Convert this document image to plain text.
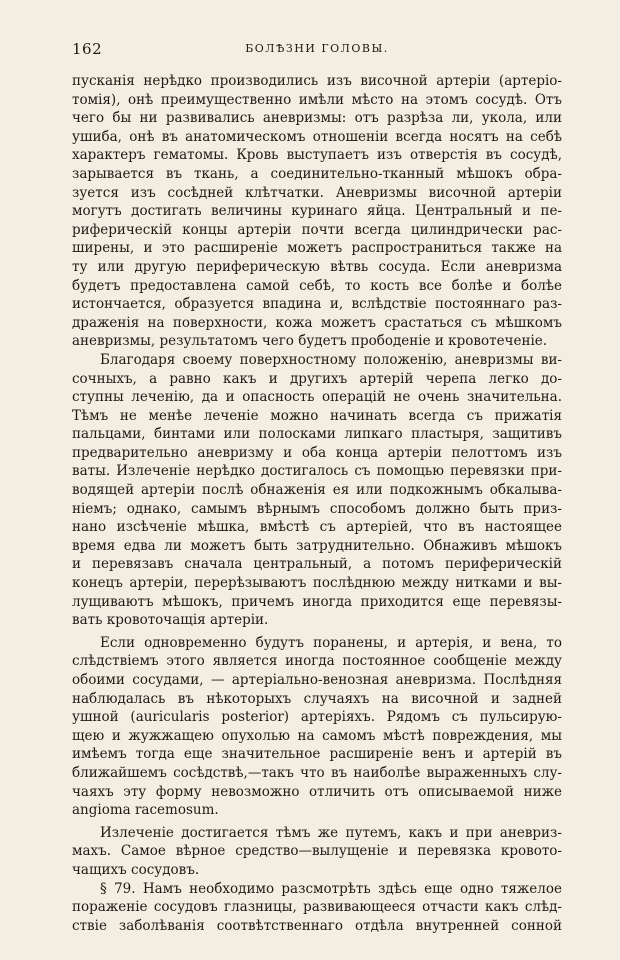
162	БОЛѢЗНИ ГОЛОВЫ.
пусканія нерѣдко производились изъ височной артеріи (артеріо-
томія), онѣ преимущественно имѣли мѣсто на этомъ сосудѣ. Отъ
чего бы ни развивались аневризмы: отъ разрѣза ли, укола, или
ушиба, онѣ въ анатомическомъ отношеніи всегда носятъ на себѣ
характеръ гематомы. Кровь выступаетъ изъ отверстія въ сосудѣ,
зарывается въ ткань, а соединительно-тканный мѣшокъ обра-
зуется изъ сосѣдней клѣтчатки. Аневризмы височной артеріи
могутъ достигать величины куринаго яйца. Центральный и пе-
риферическій концы артеріи почти всегда цилиндрически рас-
ширены, и это расширеніе можетъ распространиться также на
ту или другую периферическую вѣтвь сосуда. Если аневризма
будетъ предоставлена самой себѣ, то кость все болѣе и болѣе
истончается, образуется впадина и, вслѣдствіе постояннаго раз-
драженія на поверхности, кожа можетъ срастаться съ мѣшкомъ
аневризмы, результатомъ чего будетъ прободеніе и кровотеченіе.
Благодаря своему поверхностному положенію, аневризмы ви-
сочныхъ, а равно какъ и другихъ артерій черепа легко до-
ступны леченію, да и опасность операцій не очень значительна.
Тѣмъ не менѣе леченіе можно начинать всегда съ прижатія
пальцами, бинтами или полосками липкаго пластыря, защитивъ
предварительно аневризму и оба конца артеріи пелоттомъ изъ
ваты. Излеченіе нерѣдко достигалось съ помощью перевязки при-
водящей артеріи послѣ обнаженія ея или подкожнымъ обкалыва-
ніемъ; однако, самымъ вѣрнымъ способомъ должно быть приз-
нано изсѣченіе мѣшка, вмѣстѣ съ артеріей, что въ настоящее
время едва ли можетъ быть затруднительно. Обнаживъ мѣшокъ
и перевязавъ сначала центральный, а потомъ периферическій
конецъ артеріи, перерѣзываютъ послѣднюю между нитками и вы-
лущиваютъ мѣшокъ, причемъ иногда приходится еще перевязы-
вать кровоточащія артеріи.
Если одновременно будутъ поранены, и артерія, и вена, то
слѣдствіемъ этого является иногда постоянное сообщеніе между
обоими сосудами, — артеріально-венозная аневризма. Послѣдняя
наблюдалась въ нѣкоторыхъ случаяхъ на височной и задней
ушной (auricularis posterior) артеріяхъ. Рядомъ съ пульсирую-
щею и жужжащею опухолью на самомъ мѣстѣ повреждения, мы
имѣемъ тогда еще значительное расширеніе венъ и артерій въ
ближайшемъ сосѣдствѣ,—такъ что въ наиболѣе выраженныхъ слу-
чаяхъ эту форму невозможно отличить отъ описываемой ниже
angioma racemosum.
Излеченіе достигается тѣмъ же путемъ, какъ и при аневриз-
махъ. Самое вѣрное средство—вылущеніе и перевязка кровото-
чащихъ сосудовъ.
§ 79. Намъ необходимо разсмотрѣть здѣсь еще одно тяжелое
пораженіе сосудовъ глазницы, развивающееся отчасти какъ слѣд-
ствіе заболѣванія соотвѣтственнаго отдѣла внутренней сонной
